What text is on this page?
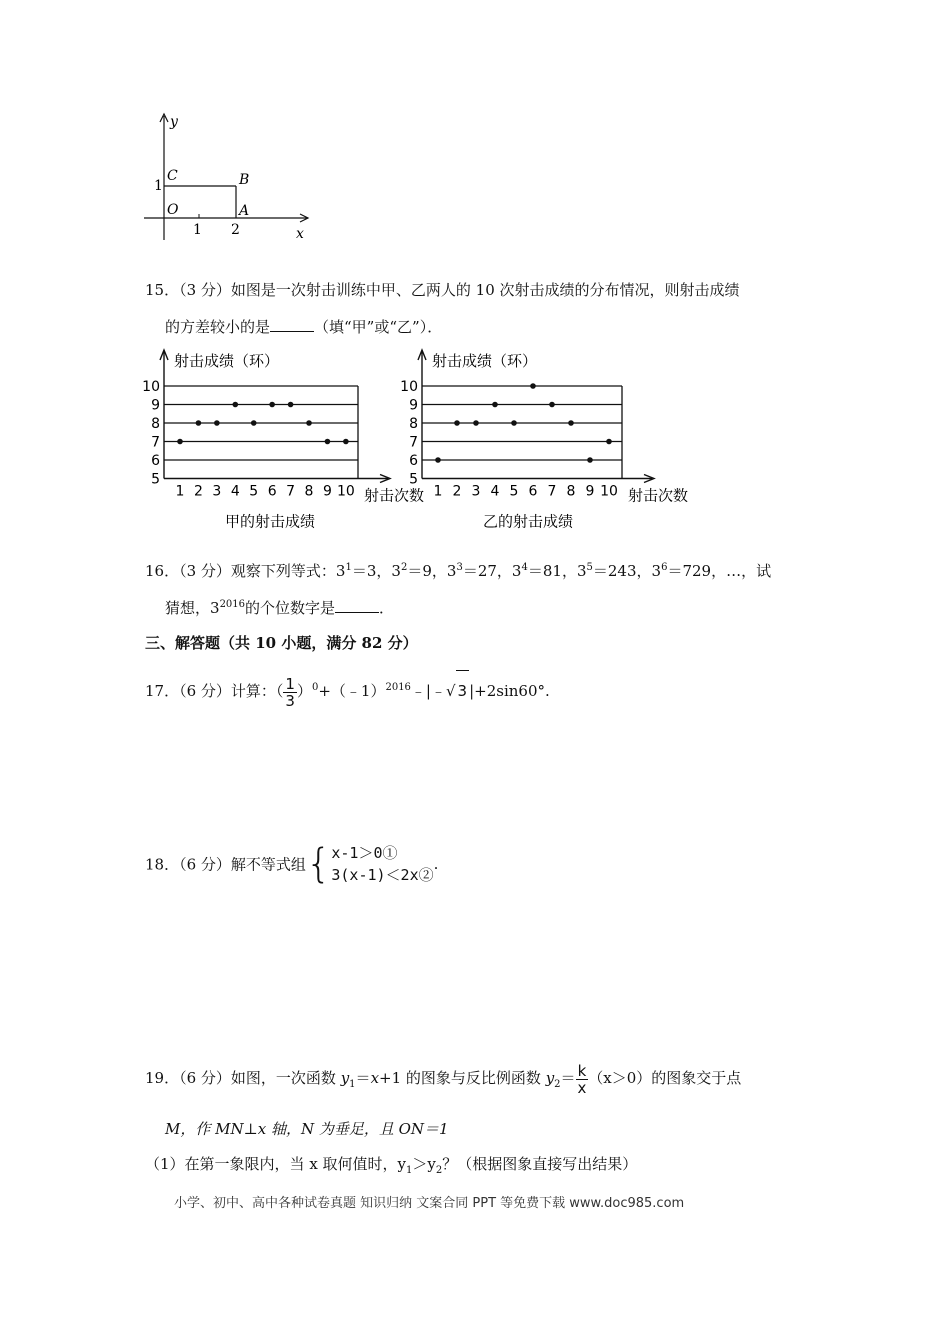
y
x
C	B
O	A
1
1 2
15．（3 分）如图是一次射击训练中甲、乙两人的 10 次射击成绩的分布情况，则射击成绩
的方差较小的是	（填“甲”或“乙”）．
5
6
7
8
9
10
1 2 3 4 5 6 7 8 9 10
射击成绩（环）
射击次数
甲的射击成绩
5
6
7
8
9
10
1 2 3 4 5 6 7 8 9 10
射击成绩（环）
射击次数
乙的射击成绩
16．（3 分）观察下列等式：$3^1=3$，$3^2=9$，$3^3=27$，$3^4=81$，$3^5=243$，$3^6=729$，…，试
猜想，$3^{2016}$的个位数字是	．
三、解答题（共 10 小题，满分 82 分）
17．（6 分）计算：（ $\frac{1}{3}$ ）$^0$+（﹣1）$^{2016}$﹣|﹣√ 3 |+2sin60°.
18．（6 分）解不等式组{ x-1＞0①
3(x-1)＜2x②
.
19．（6 分）如图，一次函数 $y_1=x+1$ 的图象与反比例函数 $y_2= \frac{k}{x} (x>0)$的图象交于点
M，作 MN⊥x 轴，N 为垂足，且 ON＝1
（1）在第一象限内，当 x 取何值时，$y_1>y_2$？（根据图象直接写出结果）
小学、初中、高中各种试卷真题 知识归纳 文案合同 PPT 等免费下载 www.doc985.com
